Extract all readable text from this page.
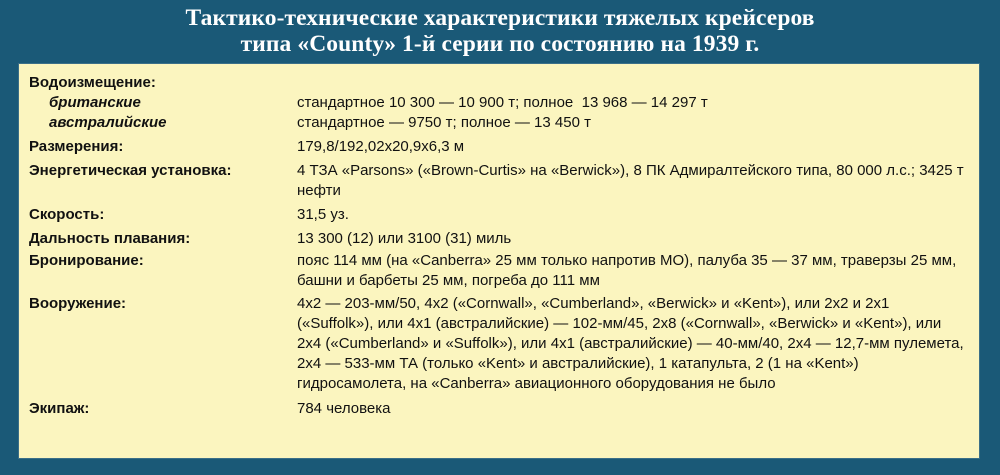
Тактико-технические характеристики тяжелых крейсеров
типа «County» 1-й серии по состоянию на 1939 г.
Водоизмещение:
британские	стандартное 10 300 — 10 900 т; полное  13 968 — 14 297 т
австралийские	стандартное — 9750 т; полное — 13 450 т
Размерения:	179,8/192,02x20,9x6,3 м
Энергетическая установка:	4 ТЗА «Parsons» («Brown-Curtis» на «Berwick»), 8 ПК Адмиралтейского типа, 80 000 л.с.; 3425 т нефти
Скорость:	31,5 уз.
Дальность плавания:	13 300 (12) или 3100 (31) миль
Бронирование:	пояс 114 мм (на «Canberra» 25 мм только напротив МО), палуба 35 — 37 мм, траверзы 25 мм, башни и барбеты 25 мм, погреба до 111 мм
Вооружение:	4x2 — 203-мм/50, 4x2 («Cornwall», «Cumberland», «Berwick» и «Kent»), или 2x2 и 2x1 («Suffolk»), или 4x1 (австралийские) — 102-мм/45, 2x8 («Cornwall», «Berwick» и «Kent»), или 2x4 («Cumberland» и «Suffolk»), или 4x1 (австралийские) — 40-мм/40, 2x4 — 12,7-мм пулемета, 2x4 — 533-мм ТА (только «Kent» и австралийские), 1 катапульта, 2 (1 на «Kent») гидросамолета, на «Canberra» авиационного оборудования не было
Экипаж:	784 человека
